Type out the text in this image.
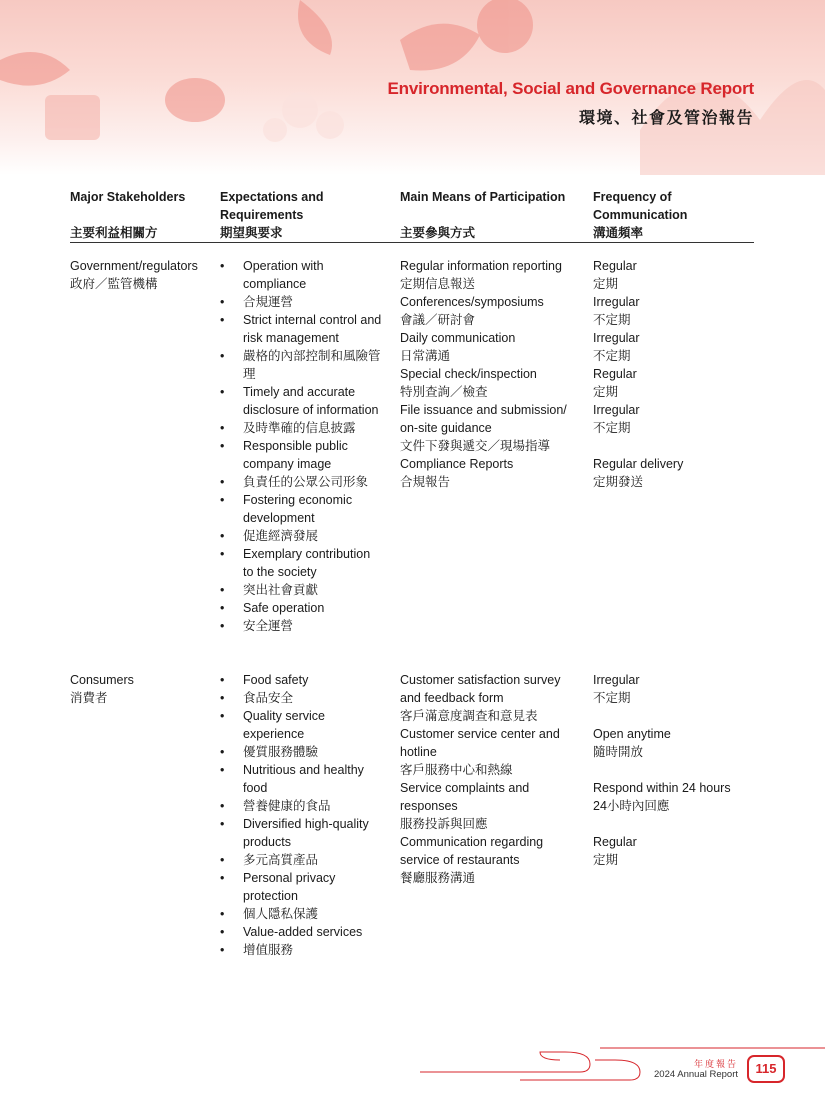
Environmental, Social and Governance Report
環境、社會及管治報告
Major Stakeholders
主要利益相關方
Expectations and Requirements
期望與要求
Main Means of Participation
主要參與方式
Frequency of Communication
溝通頻率
Government/regulators
政府／監管機構
• Operation with compliance
• 合規運營
• Strict internal control and risk management
• 嚴格的內部控制和風險管理
• Timely and accurate disclosure of information
• 及時準確的信息披露
• Responsible public company image
• 負責任的公眾公司形象
• Fostering economic development
• 促進經濟發展
• Exemplary contribution to the society
• 突出社會貢獻
• Safe operation
• 安全運營
Regular information reporting
定期信息報送
Conferences/symposiums
會議／研討會
Daily communication
日常溝通
Special check/inspection
特別查詢／檢查
File issuance and submission/
on-site guidance
文件下發與遞交／現場指導
Compliance Reports
合規報告
Regular
定期
Irregular
不定期
Irregular
不定期
Regular
定期
Irregular
不定期
Regular delivery
定期發送
Consumers
消費者
• Food safety
• 食品安全
• Quality service experience
• 優質服務體驗
• Nutritious and healthy food
• 營養健康的食品
• Diversified high-quality products
• 多元高質產品
• Personal privacy protection
• 個人隱私保護
• Value-added services
• 增值服務
Customer satisfaction survey
and feedback form
客戶滿意度調查和意見表
Customer service center and
hotline
客戶服務中心和熱線
Service complaints and
responses
服務投訴與回應
Communication regarding
service of restaurants
餐廳服務溝通
Irregular
不定期
Open anytime
隨時開放
Respond within 24 hours
24小時內回應
Regular
定期
年度報告
2024 Annual Report	115
